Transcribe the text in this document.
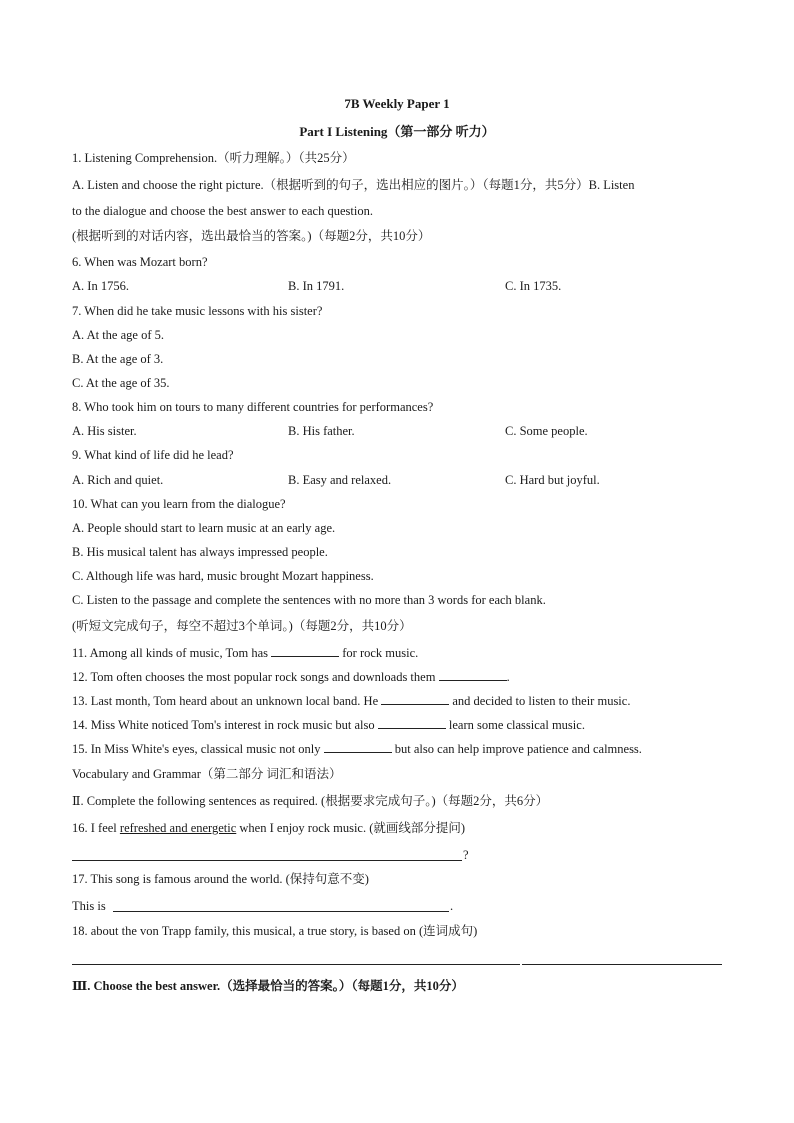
7B Weekly Paper 1
Part I Listening（第一部分 听力）
1. Listening Comprehension.（听力理解。）（共25分）
A. Listen and choose the right picture.（根据听到的句子，选出相应的图片。）（每题1分，共5分）B. Listen
to the dialogue and choose the best answer to each question.
(根据听到的对话内容，选出最恰当的答案。)（每题2分，共10分）
6. When was Mozart born?
A. In 1756.	B. In 1791.	C. In 1735.
7. When did he take music lessons with his sister?
A. At the age of 5.
B. At the age of 3.
C. At the age of 35.
8. Who took him on tours to many different countries for performances?
A. His sister.	B. His father.	C. Some people.
9. What kind of life did he lead?
A. Rich and quiet.	B. Easy and relaxed.	C. Hard but joyful.
10. What can you learn from the dialogue?
A. People should start to learn music at an early age.
B. His musical talent has always impressed people.
C. Although life was hard, music brought Mozart happiness.
C. Listen to the passage and complete the sentences with no more than 3 words for each blank.
(听短文完成句子，每空不超过3个单词。)（每题2分，共10分）
11. Among all kinds of music, Tom has	for rock music.
12. Tom often chooses the most popular rock songs and downloads them	.
13. Last month, Tom heard about an unknown local band. He	and decided to listen to their music.
14. Miss White noticed Tom's interest in rock music but also	learn some classical music.
15. In Miss White's eyes, classical music not only	but also can help improve patience and calmness.
Vocabulary and Grammar（第二部分 词汇和语法）
Ⅱ. Complete the following sentences as required. (根据要求完成句子。)（每题2分，共6分）
16. I feel refreshed and energetic when I enjoy rock music. (就画线部分提问)
?
17. This song is famous around the world. (保持句意不变)
This is	.
18. about the von Trapp family, this musical, a true story, is based on (连词成句)
Ⅲ. Choose the best answer.（选择最恰当的答案。）（每题1分，共10分）
